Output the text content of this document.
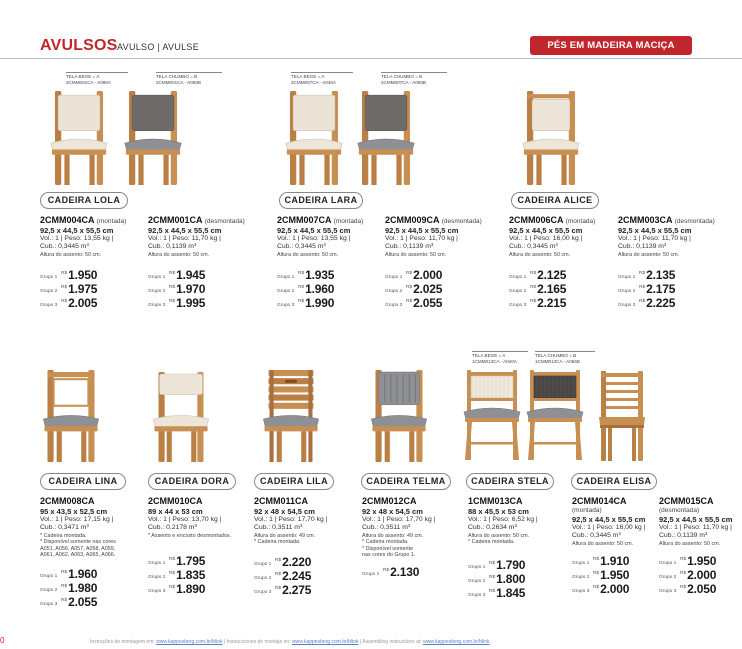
AVULSOS AVULSO | AVULSE	PÉS EM MADEIRA MACIÇA
TELA BEGE = A
2CMM001CA - A080A
TELA CHUMBO = B
2CMM001CA - A056B
TELA BEGE = A
2CMM007CA - A040A
TELA CHUMBO = B
2CMM007CA - A056B
TELA BEGE = A
1CMM013CA - A040A
TELA CHUMBO = B
1CMM013CA - A056B
CADEIRA LOLA	CADEIRA LARA	CADEIRA ALICE
CADEIRA LINA	CADEIRA DORA	CADEIRA LILA	CADEIRA TELMA	CADEIRA STELA	CADEIRA ELISA
2CMM004CA (montada)
92,5 x 44,5 x 55,5 cm
Vol.: 1 | Peso: 13,55 kg |
Cub.: 0,3445 m³
Altura do assento: 50 cm.
Grupo 1R$1.950
Grupo 2R$1.975
Grupo 3R$2.005
2CMM001CA (desmontada)
92,5 x 44,5 x 55,5 cm
Vol.: 1 | Peso: 11,70 kg |
Cub.: 0,1139 m³
Altura do assento: 50 cm.
Grupo 1R$1.945
Grupo 2R$1.970
Grupo 3R$1.995
2CMM007CA (montada)
92,5 x 44,5 x 55,5 cm
Vol.: 1 | Peso: 13,55 kg |
Cub.: 0,3445 m³
Altura do assento: 50 cm.
Grupo 1R$1.935
Grupo 2R$1.960
Grupo 3R$1.990
2CMM009CA (desmontada)
92,5 x 44,5 x 55,5 cm
Vol.: 1 | Peso: 11,70 kg |
Cub.: 0,1139 m³
Altura do assento: 50 cm.
Grupo 1R$2.000
Grupo 2R$2.025
Grupo 3R$2.055
2CMM006CA (montada)
92,5 x 44,5 x 55,5 cm
Vol.: 1 | Peso: 16,00 kg |
Cub.: 0,3445 m³
Altura do assento: 50 cm.
Grupo 1R$2.125
Grupo 2R$2.165
Grupo 3R$2.215
2CMM003CA (desmontada)
92,5 x 44,5 x 55,5 cm
Vol.: 1 | Peso: 11,70 kg |
Cub.: 0,1139 m³
Altura do assento: 50 cm.
Grupo 1R$2.135
Grupo 2R$2.175
Grupo 3R$2.225
2CMM008CA
95 x 43,5 x 52,5 cm
Vol.: 1 | Peso: 17,15 kg |
Cub.: 0,3471 m³
* Cadeira montada.
* Disponível somente nas cores
A051, A056, A057, A058, A059,
A061, A062, A063, A065, A066.
Grupo 1R$1.960
Grupo 2R$1.980
Grupo 3R$2.055
2CMM010CA
89 x 44 x 53 cm
Vol.: 1 | Peso: 13,70 kg |
Cub.: 0,2178 m³
* Assento e encosto desmontados.
Grupo 1R$1.795
Grupo 2R$1.835
Grupo 3R$1.890
2CMM011CA
92 x 48 x 54,5 cm
Vol.: 1 | Peso: 17,70 kg |
Cub.: 0,3511 m³
Altura do assento: 49 cm.
* Cadeira montada.
Grupo 1R$2.220
Grupo 2R$2.245
Grupo 3R$2.275
2CMM012CA
92 x 48 x 54,5 cm
Vol.: 1 | Peso: 17,70 kg |
Cub.: 0,3511 m³
Altura do assento: 49 cm.
* Cadeira montada.
* Disponível somente
nas cores do Grupo 1.
Grupo 1R$2.130
1CMM013CA
88 x 45,5 x 53 cm
Vol.: 1 | Peso: 6,52 kg |
Cub.: 0,2634 m³
Altura do assento: 50 cm.
* Cadeira montada.
Grupo 1R$1.790
Grupo 2R$1.800
Grupo 3R$1.845
2CMM014CA
(montada)
92,5 x 44,5 x 55,5 cm
Vol.: 1 | Peso: 16,00 kg |
Cub.: 0,3445 m³
Altura do assento: 50 cm.
Grupo 1R$1.910
Grupo 2R$1.950
Grupo 3R$2.000
2CMM015CA
(desmontada)
92,5 x 44,5 x 55,5 cm
Vol.: 1 | Peso: 11,70 kg |
Cub.: 0,1139 m³
Altura do assento: 50 cm.
Grupo 1R$1.950
Grupo 2R$2.000
Grupo 3R$2.050
0	Instruções de montagem em: www.kappesberg.com.br/blink | Instrucciones de montaje en: www.kappesberg.com.br/blink | Assembling instructions at: www.kappesberg.com.br/blink
